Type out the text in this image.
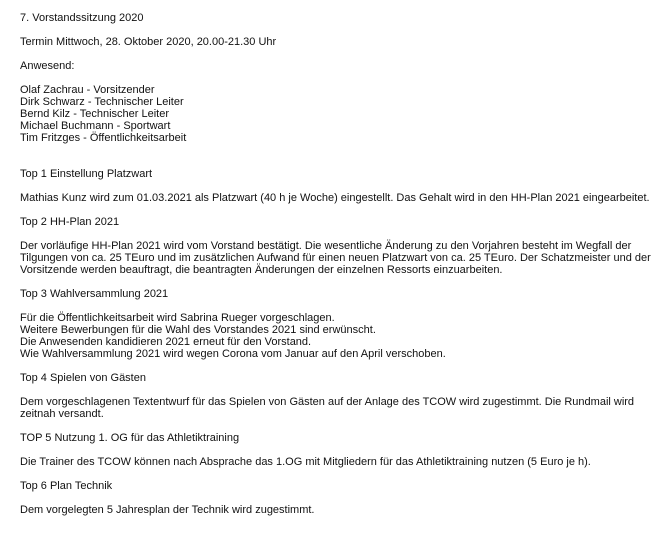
7. Vorstandssitzung 2020

Termin Mittwoch, 28. Oktober 2020, 20.00-21.30 Uhr

Anwesend:

Olaf Zachrau - Vorsitzender

Dirk Schwarz - Technischer Leiter

Bernd Kilz - Technischer Leiter

Michael Buchmann - Sportwart

Tim Fritzges - Öffentlichkeitsarbeit

Top 1 Einstellung Platzwart

Mathias Kunz wird zum 01.03.2021 als Platzwart (40 h je Woche) eingestellt. Das Gehalt wird in den HH-Plan 2021 eingearbeitet.

Top 2 HH-Plan 2021

Der vorläufige HH-Plan 2021 wird vom Vorstand bestätigt. Die wesentliche Änderung zu den Vorjahren besteht im Wegfall der Tilgungen von ca. 25 TEuro und im zusätzlichen Aufwand für einen neuen Platzwart von ca. 25 TEuro. Der Schatzmeister und der Vorsitzende werden beauftragt, die beantragten Änderungen der einzelnen Ressorts einzuarbeiten.

Top 3 Wahlversammlung 2021

Für die Öffentlichkeitsarbeit wird Sabrina Rueger vorgeschlagen.

Weitere Bewerbungen für die Wahl des Vorstandes 2021 sind erwünscht.

Die Anwesenden kandidieren 2021 erneut für den Vorstand.

Wie Wahlversammlung 2021 wird wegen Corona vom Januar auf den April verschoben.

Top 4 Spielen von Gästen

Dem vorgeschlagenen Textentwurf für das Spielen von Gästen auf der Anlage des TCOW wird zugestimmt. Die Rundmail wird zeitnah versandt.

TOP 5 Nutzung 1. OG für das Athletiktraining

Die Trainer des TCOW können nach Absprache das 1.OG mit Mitgliedern für das Athletiktraining nutzen (5 Euro je h).

Top 6 Plan Technik

Dem vorgelegten 5 Jahresplan der Technik wird zugestimmt.
